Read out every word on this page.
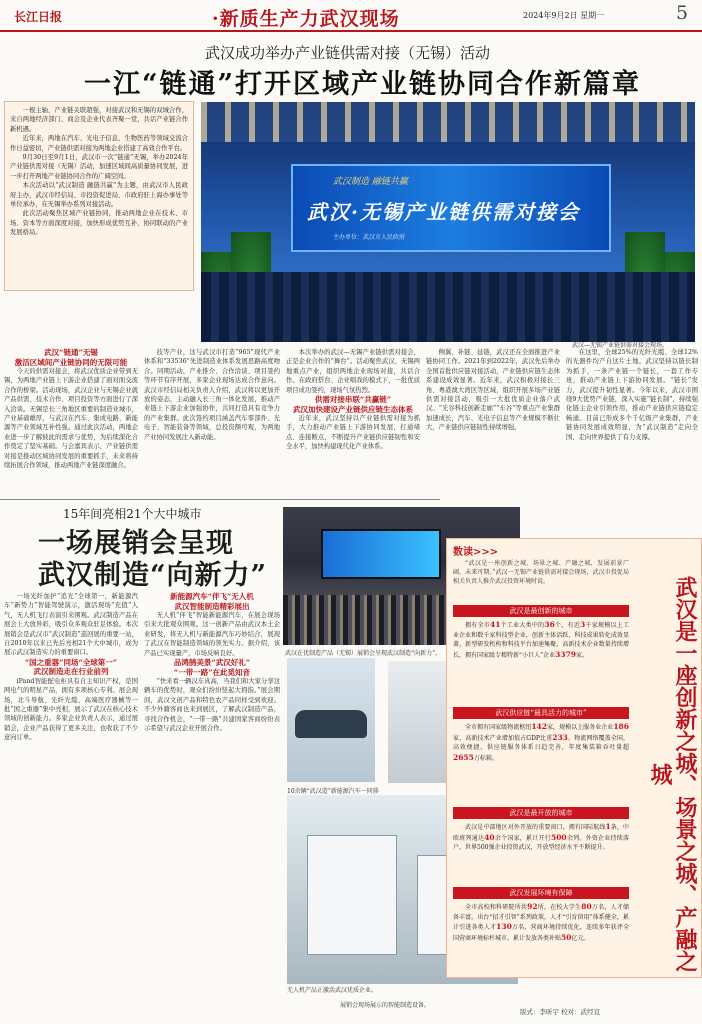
长江日报	·新质生产力武汉现场	2024年9月2日 星期一	5
武汉成功举办产业链供需对接（无锡）活动
一江“链通”打开区域产业链协同合作新篇章

一根主轴，产业链关联超强，对接武汉和无锡的双城合作，来自两地经济部门、商会及企业代表齐聚一堂，共话产业链合作新机遇。

近年来，两地在汽车、光电子信息、生物医药等领域交流合作日益密切，产业链供需对接为两地企业搭建了高效合作平台。

9月30日至9月1日，武汉市一次“链通”无锡，举办2024年产业链供需对接（无锡）活动，加速区域间高质量协同发展，进一步打开两地产业链协同合作的广阔空间。

本次活动以“武汉制造 融链共赢”为主题，由武汉市人民政府主办，武汉市经信局、市投资促进局、市政府驻上海办事处等单位承办，在无锡举办系列对接活动。

此次活动聚焦区域产业链协同，推动两地企业在技术、市场、资本等方面深度对接，加快形成优势互补、协同联动的产业发展格局。

武汉制造 融链共赢
武汉·无锡产业链供需对接会
主办单位：武汉市人民政府
武汉—无锡产业链供需对接会现场。
武汉“链通”无锡
激活区域间产业链协同的无限可能
今天的供需对接会，将武汉优质企业带到无锡，为两地产业链上下游企业搭建了面对面交流合作的桥梁。活动现场，武汉企业与无锡企业就产品供需、技术合作、项目投资等方面进行了深入洽谈。无锡是长三角地区重要的制造业城市，产业基础雄厚，与武汉在汽车、集成电路、新能源等产业领域互补性强。通过此次活动，两地企业进一步了解彼此的需求与优势，为后续深化合作奠定了坚实基础。与会嘉宾表示，产业链供需对接是推动区域协同发展的重要抓手，未来将持续拓展合作领域，推动两地产业链深度融合。
技等产业，这与武汉市打造“965”现代产业体系和“33536”先进制造业体系发展思路高度吻合。同期活动，产业推介、合作洽谈、项目签约等环节有序开展，多家企业现场达成合作意向。武汉市经信局相关负责人介绍，武汉将以更加开放的姿态，主动融入长三角一体化发展，推动产业链上下游企业加强协作，共同打造具有竞争力的产业集群。此次签约项目涵盖汽车零部件、光电子、智能装备等领域，总投资额可观，为两地产业协同发展注入新动能。
本次举办的武汉—无锡产业链供需对接会，正是企业合作的“舞台”。活动聚焦武汉、无锡两地重点产业，组织两地企业现场对接，共话合作。在政府搭台、企业唱戏的模式下，一批优质项目成功签约，现场气氛热烈。
供需对接串联“共赢链”
武汉加快建设产业链供应链生态体系
近年来，武汉坚持以产业链供需对接为抓手，大力推动产业链上下游协同发展，打通堵点、连接断点，不断提升产业链供应链韧性和安全水平，加快构建现代化产业体系。
侧翼、补链、延链，武汉还在全面推进产业链协同工作。2021年到2022年，武汉先后举办全国首批供应链对接活动，产业链供应链生态体系建设成效显著。近年来，武汉积极对接长三角、粤港澳大湾区等区域，组织开展多场产业链供需对接活动，吸引一大批优质企业落户武汉。“光谷科技创新走廊”“车谷”等重点产业集群加速成长，汽车、光电子信息等产业规模不断壮大，产业链供应链韧性持续增强。
在这里，全球25%的光纤光缆、全球12%的光器件均产自这片土地。武汉坚持以链长制为抓手，一条产业链一个链长，一套工作专班，推动产业链上下游协同发展。“链长”发力，武汉提升韧性显著。今年以来，武汉市围绕9大优势产业链，深入实施“链长制”，持续强化链主企业引领作用，推动产业链供应链稳定畅通。目前已形成多个千亿级产业集群，产业链协同发展成效明显，为“武汉制造”走向全国、走向世界提供了有力支撑。
15年间亮相21个大中城市
一场展销会呈现
武汉制造“向新力”
一场光纤加护“追光”全球第一，新能源汽车“新势力”智能驾驶演示，激活现场“充值”人气，无人机飞行表演引来围观。武汉制造产品在展会上大放异彩，吸引众多观众驻足体验。本次展销会是武汉市“武汉制造”巡回展的重要一站，自2010年以来已先后亮相21个大中城市，成为展示武汉制造实力的重要窗口。
“国之重器”同场“全球第一”
武汉制造走在行业前列
iPand智能配电柜具有自主知识产权，是国网电气的明星产品，拥有多项核心专利。展会现场，北斗导航、光纤光缆、高端医疗器械等一批“国之重器”集中亮相，展示了武汉在核心技术领域的创新能力。多家企业负责人表示，通过展销会，企业产品获得了更多关注，也收获了不少意向订单。
新能源汽车“伴飞”无人机
武汉智能制造精彩展出
无人机“伴飞”智能新能源汽车，在展会现场引来大批观众围观。这一创新产品由武汉本土企业研发，将无人机与新能源汽车巧妙结合，展现了武汉在智能制造领域的领先实力。据介绍，该产品已实现量产，市场反响良好。
品鸿鹄美景“武汉好礼”
“一带一路”在此觅知音
“快来看一辆汉车真高，当我们和大家分享这辆车的优势时，观众们纷纷竖起大拇指。”展会期间，武汉文创产品和特色农产品同样受到欢迎。不少外籍客商也来到展区，了解武汉制造产品，寻找合作机会，“一带一路”共建国家客商纷纷表示希望与武汉企业开展合作。
武汉在优制造产品（无锡）展销会呈现武汉制造“向新力”。
10余辆“武汉造”新能源汽车一同排
无人机产品正激活武汉优质企业。
展销会现场展示的智能制造设备。
数读>>>
“武汉是一座创新之城、场景之城、产融之城，发展前景广阔，未来可期。”武汉一无锡产业链供需对接会现场，武汉市投促局相关负责人推介武汉投资环境时说。	武汉是一座创新之城、场景之城、产融之城
武汉是最创新的城市
拥有全市41个工业大类中的36个，有近3千家规模以上工业企业和数千家科技型企业，创新主体活跃，科技成果转化成效显著，新型研发机构和科技平台加速集聚，高新技术企业数量持续增长，拥有国家级专精特新“小巨人”企业3379家。
武汉供应链“最具活力的城市”
全市拥有国家级物流枢纽142家，规模以上服务业企业186家，高新技术产业增加值占GDP比重233。物流网络覆盖全国，高效便捷，供应链服务体系日趋完善，年度集装箱吞吐量超2655万标箱。
武汉是最开放的城市
武汉是中部地区对外开放的重要窗口，拥有国际航线1条，中欧班列通达40余个国家，累计开行500余列。外资企业持续落户，世界500强企业投资武汉，开放型经济水平不断提升。
武汉发展环境有保障
全市高校和科研院所共92所，在校大学生80万名，人才储备丰富。出台“招才引智”系列政策，人才“引育留用”体系健全，累计引进各类人才130万名，营商环境持续优化，连续多年获评全国营商环境标杆城市，累计发放各类补贴50亿元。
版式：李昕宇 校对：武经宣
